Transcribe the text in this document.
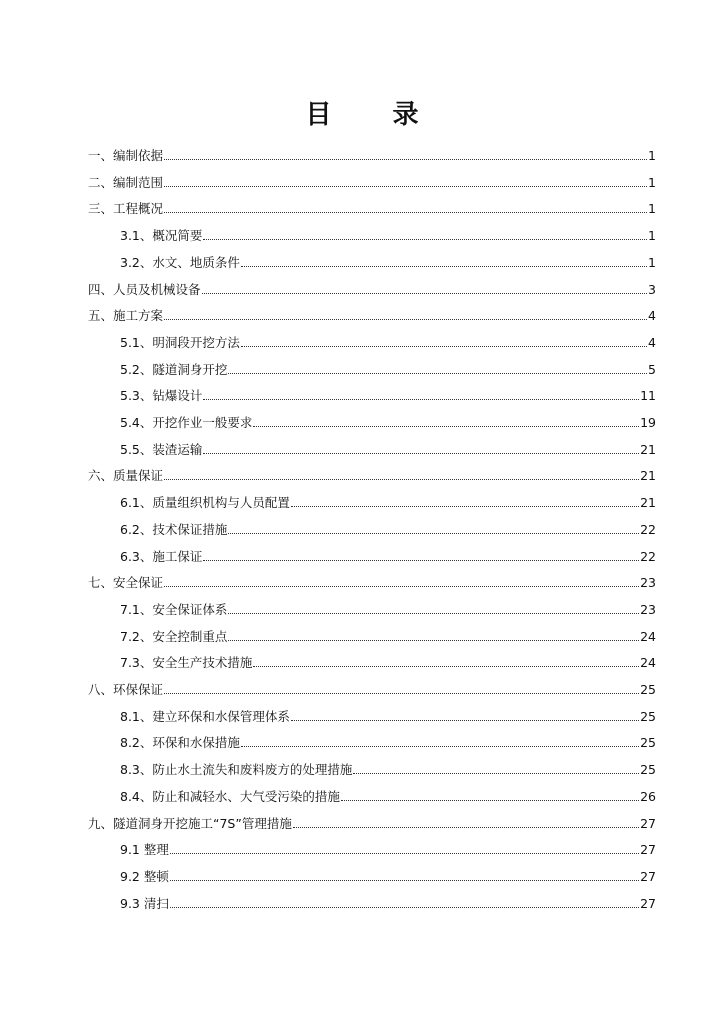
目 录
一、编制依据	1
二、编制范围	1
三、工程概况	1
3.1、概况简要	1
3.2、水文、地质条件	1
四、人员及机械设备	3
五、施工方案	4
5.1、明洞段开挖方法	4
5.2、隧道洞身开挖	5
5.3、钻爆设计	11
5.4、开挖作业一般要求	19
5.5、装渣运输	21
六、质量保证	21
6.1、质量组织机构与人员配置	21
6.2、技术保证措施	22
6.3、施工保证	22
七、安全保证	23
7.1、安全保证体系	23
7.2、安全控制重点	24
7.3、安全生产技术措施	24
八、环保保证	25
8.1、建立环保和水保管理体系	25
8.2、环保和水保措施	25
8.3、防止水土流失和废料废方的处理措施	25
8.4、防止和减轻水、大气受污染的措施	26
九、隧道洞身开挖施工“7S”管理措施	27
9.1 整理	27
9.2 整顿	27
9.3 清扫	27
